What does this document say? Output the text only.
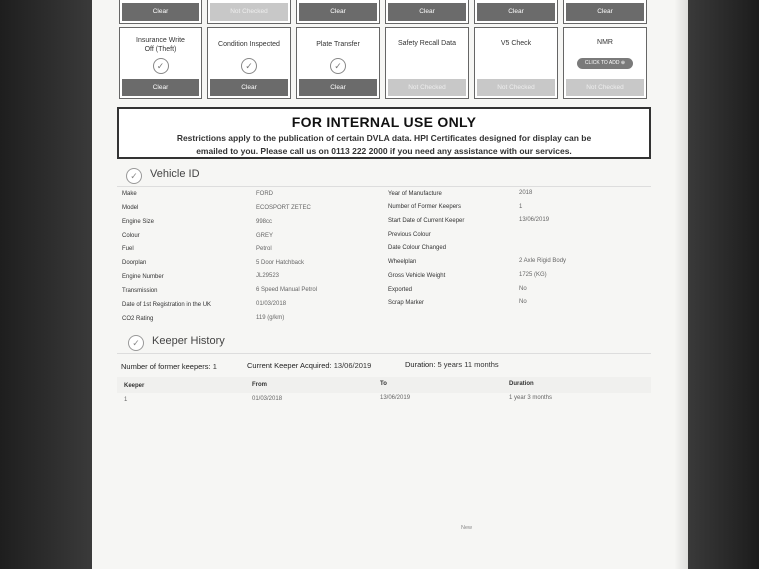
Clear	Not Checked	Clear	Clear	Clear	Clear
Insurance Write Off (Theft)
✓
Clear
Condition Inspected
✓
Clear
Plate Transfer
✓
Clear
Safety Recall Data
Not Checked
V5 Check
Not Checked
NMR
CLICK TO ADD ⊕
Not Checked
FOR INTERNAL USE ONLY
Restrictions apply to the publication of certain DVLA data. HPI Certificates designed for display can be
emailed to you. Please call us on 0113 222 2000 if you need any assistance with our services.
✓	Vehicle ID
Make	FORD
Model	ECOSPORT ZETEC
Engine Size	998cc
Colour	GREY
Fuel	Petrol
Doorplan	5 Door Hatchback
Engine Number	JL29523
Transmission	6 Speed Manual Petrol
Date of 1st Registration in the UK	01/03/2018
CO2 Rating	119 (g/km)
Year of Manufacture	2018
Number of Former Keepers	1
Start Date of Current Keeper	13/06/2019
Previous Colour
Date Colour Changed
Wheelplan	2 Axle Rigid Body
Gross Vehicle Weight	1725 (KG)
Exported	No
Scrap Marker	No
✓	Keeper History
Number of former keepers: 1	Current Keeper Acquired: 13/06/2019	Duration: 5 years 11 months
Keeper	From	To	Duration
1	01/03/2018	13/06/2019	1 year 3 months
New
